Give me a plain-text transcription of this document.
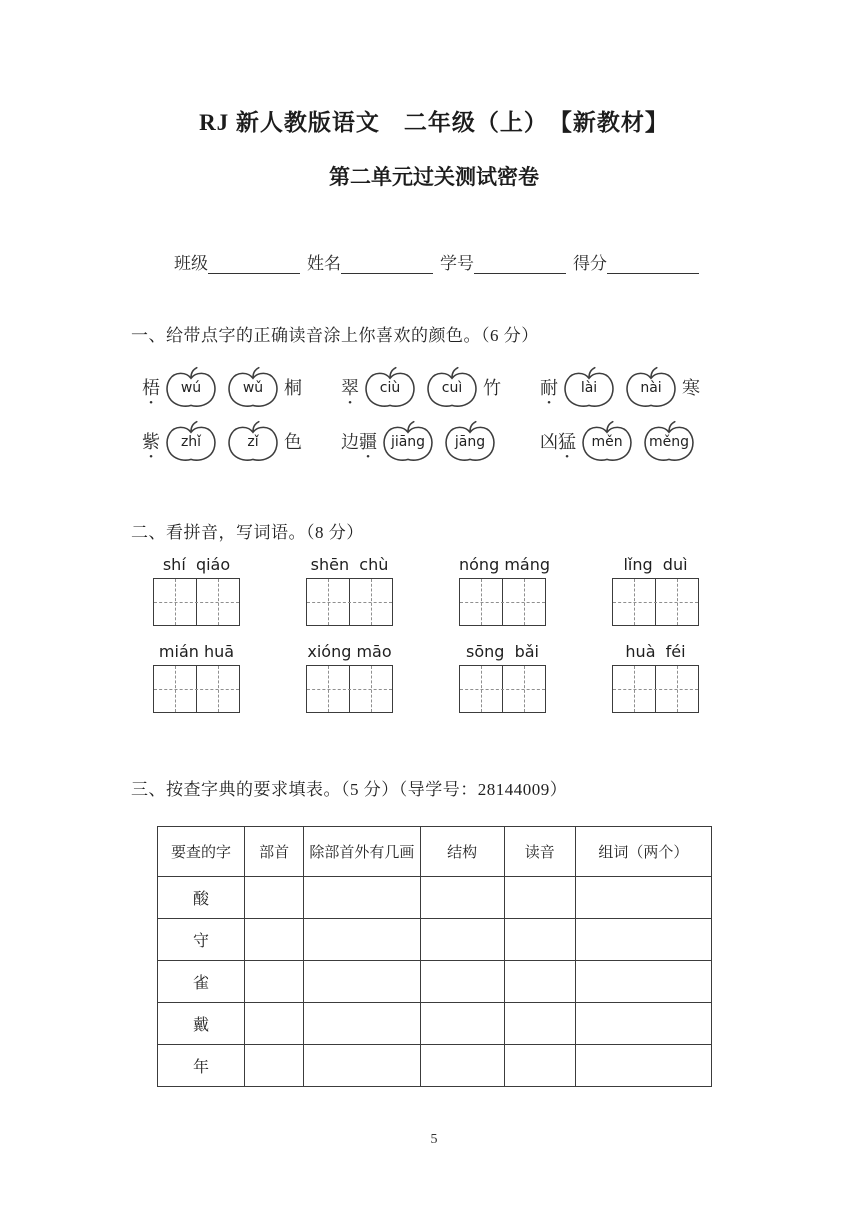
RJ 新人教版语文　二年级（上）　【新教材】
第二单元过关测试密卷
班级	姓名	学号	得分
一、给带点字的正确读音涂上你喜欢的颜色。（6 分）
梧 •	wú	wǔ	桐 翠 •	ciù	cuì	竹 耐 •	lài	nài	寒
紫 •	zhǐ	zǐ	色 边 疆 • jiāng	jāng	凶 猛 •	měn	měng
二、看拼音，写词语。（8 分）
shí  qiáo	shēn  chù	nóng máng	lǐng  duì
mián huā	xióng māo	sōng  bǎi	huà  féi
三、按查字典的要求填表。（5 分）（导学号：28144009）
要查的字	部首	除部首外有几画	结构	读音	组词（两个）
酸					
守					
雀					
戴					
年					
5
